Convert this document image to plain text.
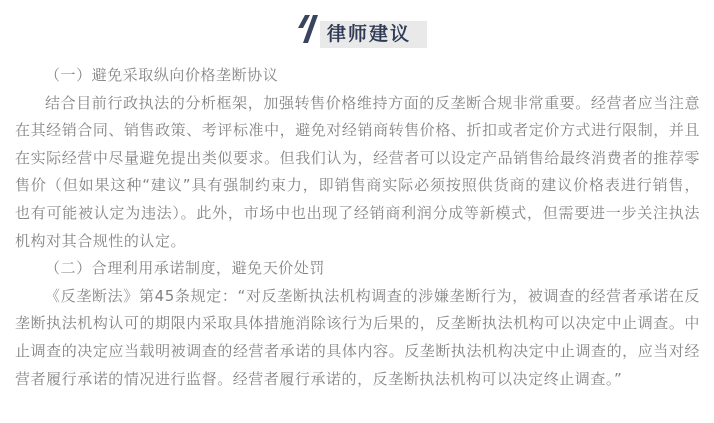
律师建议

（一）避免采取纵向价格垄断协议

结合目前行政执法的分析框架，加强转售价格维持方面的反垄断合规非常重要。经营者应当注意在其经销合同、销售政策、考评标准中，避免对经销商转售价格、折扣或者定价方式进行限制，并且在实际经营中尽量避免提出类似要求。但我们认为，经营者可以设定产品销售给最终消费者的推荐零售价（但如果这种“建议”具有强制约束力，即销售商实际必须按照供货商的建议价格表进行销售，也有可能被认定为违法）。此外，市场中也出现了经销商利润分成等新模式，但需要进一步关注执法机构对其合规性的认定。

（二）合理利用承诺制度，避免天价处罚

《反垄断法》第45条规定：“对反垄断执法机构调查的涉嫌垄断行为，被调查的经营者承诺在反垄断执法机构认可的期限内采取具体措施消除该行为后果的，反垄断执法机构可以决定中止调查。中止调查的决定应当载明被调查的经营者承诺的具体内容。反垄断执法机构决定中止调查的，应当对经营者履行承诺的情况进行监督。经营者履行承诺的，反垄断执法机构可以决定终止调查。”
